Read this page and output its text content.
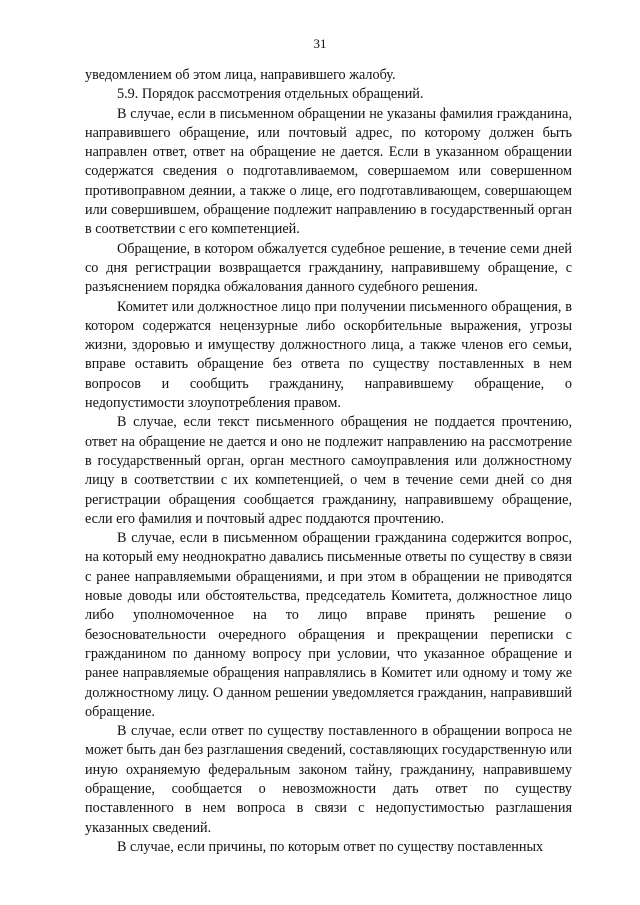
31

уведомлением об этом лица, направившего жалобу.

5.9. Порядок рассмотрения отдельных обращений.

В случае, если в письменном обращении не указаны фамилия гражданина, направившего обращение, или почтовый адрес, по которому должен быть направлен ответ, ответ на обращение не дается. Если в указанном обращении содержатся сведения о подготавливаемом, совершаемом или совершенном противоправном деянии, а также о лице, его подготавливающем, совершающем или совершившем, обращение подлежит направлению в государственный орган в соответствии с его компетенцией.

Обращение, в котором обжалуется судебное решение, в течение семи дней со дня регистрации возвращается гражданину, направившему обращение, с разъяснением порядка обжалования данного судебного решения.

Комитет или должностное лицо при получении письменного обращения, в котором содержатся нецензурные либо оскорбительные выражения, угрозы жизни, здоровью и имуществу должностного лица, а также членов его семьи, вправе оставить обращение без ответа по существу поставленных в нем вопросов и сообщить гражданину, направившему обращение, о недопустимости злоупотребления правом.

В случае, если текст письменного обращения не поддается прочтению, ответ на обращение не дается и оно не подлежит направлению на рассмотрение в государственный орган, орган местного самоуправления или должностному лицу в соответствии с их компетенцией, о чем в течение семи дней со дня регистрации обращения сообщается гражданину, направившему обращение, если его фамилия и почтовый адрес поддаются прочтению.

В случае, если в письменном обращении гражданина содержится вопрос, на который ему неоднократно давались письменные ответы по существу в связи с ранее направляемыми обращениями, и при этом в обращении не приводятся новые доводы или обстоятельства, председатель Комитета, должностное лицо либо уполномоченное на то лицо вправе принять решение о безосновательности очередного обращения и прекращении переписки с гражданином по данному вопросу при условии, что указанное обращение и ранее направляемые обращения направлялись в Комитет или одному и тому же должностному лицу. О данном решении уведомляется гражданин, направивший обращение.

В случае, если ответ по существу поставленного в обращении вопроса не может быть дан без разглашения сведений, составляющих государственную или иную охраняемую федеральным законом тайну, гражданину, направившему обращение, сообщается о невозможности дать ответ по существу поставленного в нем вопроса в связи с недопустимостью разглашения указанных сведений.

В случае, если причины, по которым ответ по существу поставленных
